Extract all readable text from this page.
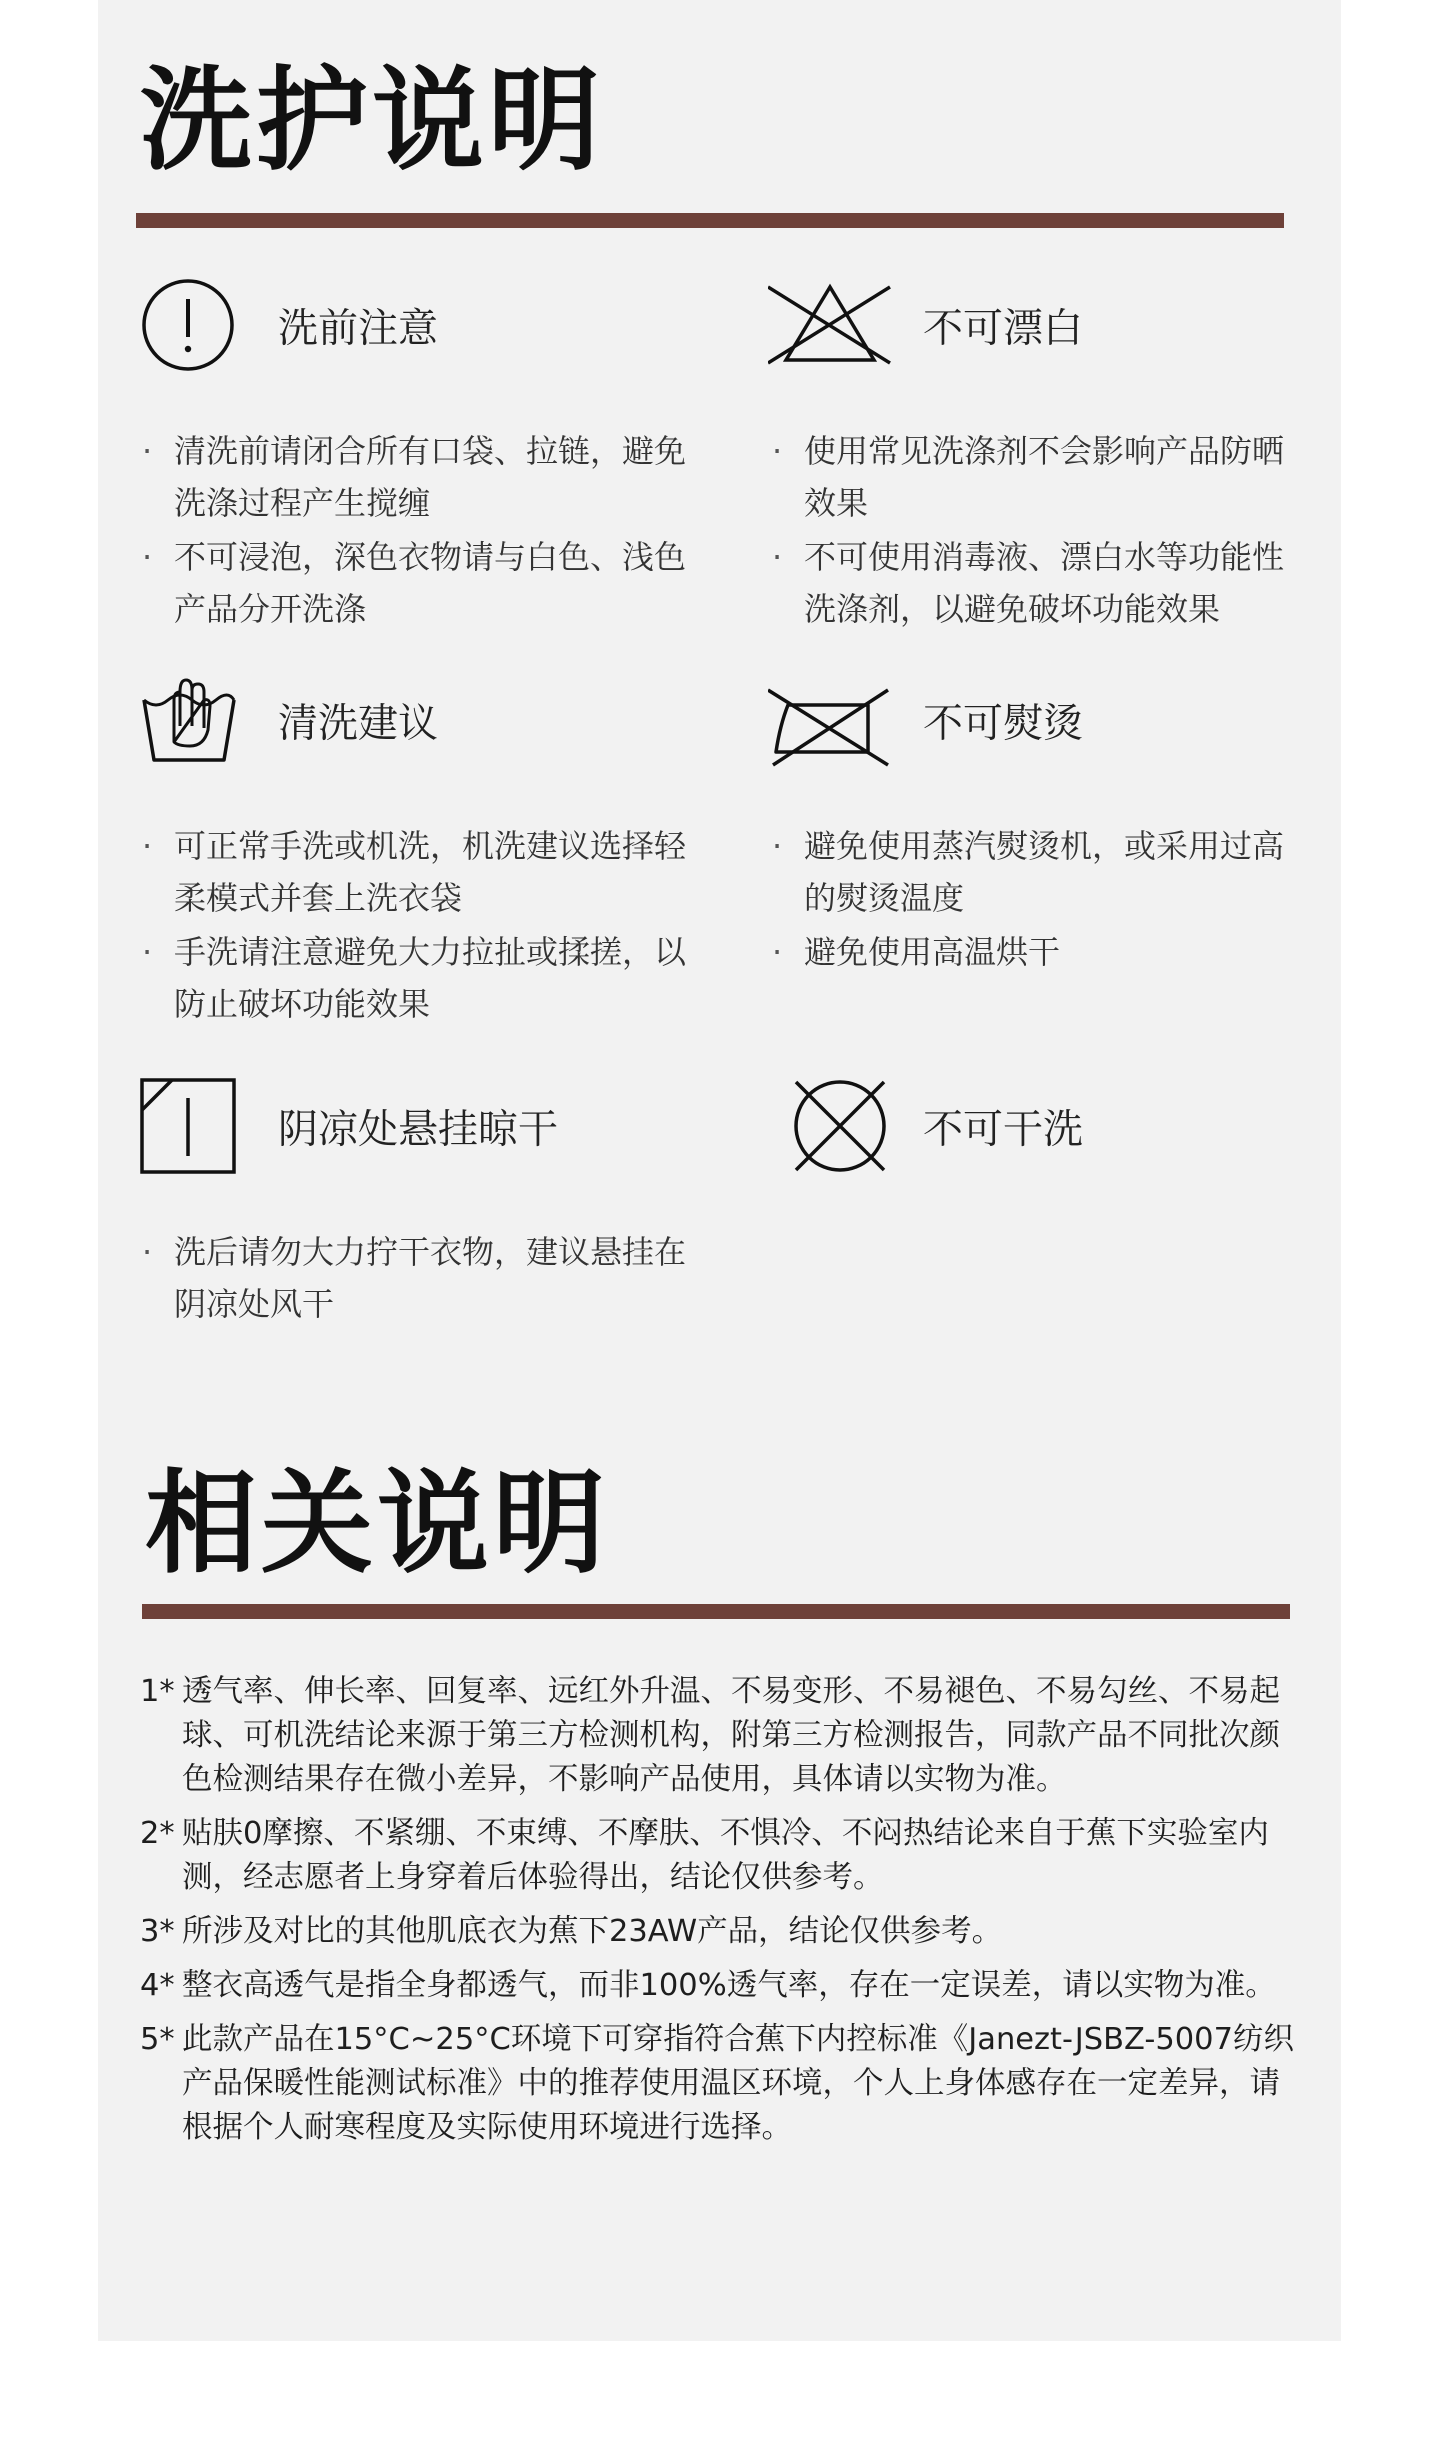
洗护说明
洗前注意
· 清洗前请闭合所有口袋、拉链，避免洗涤过程产生搅缠
· 不可浸泡，深色衣物请与白色、浅色产品分开洗涤
不可漂白
· 使用常见洗涤剂不会影响产品防晒效果
· 不可使用消毒液、漂白水等功能性洗涤剂，以避免破坏功能效果
清洗建议
· 可正常手洗或机洗，机洗建议选择轻柔模式并套上洗衣袋
· 手洗请注意避免大力拉扯或揉搓，以防止破坏功能效果
不可熨烫
· 避免使用蒸汽熨烫机，或采用过高的熨烫温度
· 避免使用高温烘干
阴凉处悬挂晾干
· 洗后请勿大力拧干衣物，建议悬挂在阴凉处风干
不可干洗
相关说明
1* 透气率、伸长率、回复率、远红外升温、不易变形、不易褪色、不易勾丝、不易起球、可机洗结论来源于第三方检测机构，附第三方检测报告，同款产品不同批次颜色检测结果存在微小差异，不影响产品使用，具体请以实物为准。
2* 贴肤0摩擦、不紧绷、不束缚、不摩肤、不惧冷、不闷热结论来自于蕉下实验室内测，经志愿者上身穿着后体验得出，结论仅供参考。
3* 所涉及对比的其他肌底衣为蕉下23AW产品，结论仅供参考。
4* 整衣高透气是指全身都透气，而非100%透气率，存在一定误差，请以实物为准。
5* 此款产品在15°C~25°C环境下可穿指符合蕉下内控标准《Janezt-JSBZ-5007纺织产品保暖性能测试标准》中的推荐使用温区环境，个人上身体感存在一定差异，请根据个人耐寒程度及实际使用环境进行选择。
